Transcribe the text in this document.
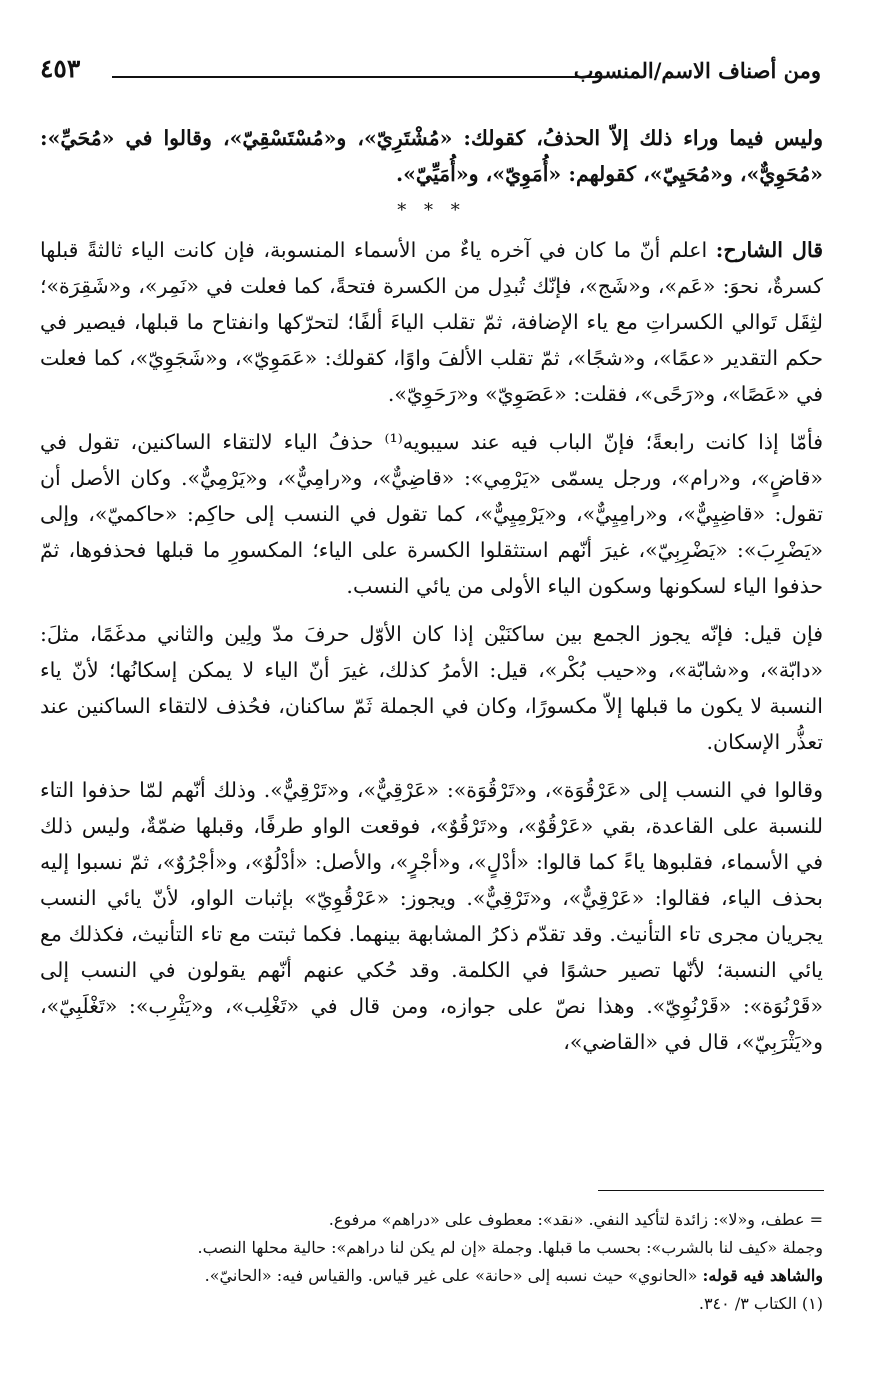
ومن أصناف الاسم/المنسوب
٤٥٣

وليس فيما وراء ذلك إلاّ الحذفُ، كقولك: «مُشْتَرِيّ»، و«مُسْتَسْقِيّ»، وقالوا في «مُحَيِّ»: «مُحَوِيٌّ»، و«مُحَيِيّ»، كقولهم: «أُمَوِيّ»، و«أُمَيِّيّ».

* * *

قال الشارح: اعلم أنّ ما كان في آخره ياءٌ من الأسماء المنسوبة، فإن كانت الياء ثالثةً قبلها كسرةٌ، نحوَ: «عَم»، و«شَج»، فإنّك تُبدِل من الكسرة فتحةً، كما فعلت في «نَمِر»، و«شَقِرَة»؛ لثِقَل تَوالي الكسراتِ مع ياء الإضافة، ثمّ تقلب الياءَ ألفًا؛ لتحرّكها وانفتاح ما قبلها، فيصير في حكم التقدير «عمًا»، و«شجًا»، ثمّ تقلب الألفَ واوًا، كقولك: «عَمَوِيّ»، و«شَجَوِيّ»، كما فعلت في «عَصًا»، و«رَحًى»، فقلت: «عَصَوِيّ» و«رَحَوِيّ».

فأمّا إذا كانت رابعةً؛ فإنّ الباب فيه عند سيبويه⁽¹⁾ حذفُ الياء لالتقاء الساكنين، تقول في «قاضٍ»، و«رام»، ورجل يسمّى «يَرْمِي»: «قاضِيٌّ»، و«رامِيٌّ»، و«يَرْمِيٌّ». وكان الأصل أن تقول: «قاضِيِيٌّ»، و«رامِيِيٌّ»، و«يَرْمِيِيٌّ»، كما تقول في النسب إلى حاكِم: «حاكميّ»، وإلى «يَضْرِبَ»: «يَضْرِبِيّ»، غيرَ أنّهم استثقلوا الكسرة على الياء؛ المكسورِ ما قبلها فحذفوها، ثمّ حذفوا الياء لسكونها وسكون الياء الأولى من يائي النسب.

فإن قيل: فإنّه يجوز الجمع بين ساكنَيْن إذا كان الأوّل حرفَ مدّ ولِين والثاني مدغَمًا، مثلَ: «دابّة»، و«شابّة»، و«حيب بُكْر»، قيل: الأمرُ كذلك، غيرَ أنّ الياء لا يمكن إسكانُها؛ لأنّ ياء النسبة لا يكون ما قبلها إلاّ مكسورًا، وكان في الجملة ثَمّ ساكنان، فحُذف لالتقاء الساكنين عند تعذُّر الإسكان.

وقالوا في النسب إلى «عَرْقُوَة»، و«تَرْقُوَة»: «عَرْقِيٌّ»، و«تَرْقِيٌّ». وذلك أنّهم لمّا حذفوا التاء للنسبة على القاعدة، بقي «عَرْقُوٌ»، و«تَرْقُوٌ»، فوقعت الواو طرفًا، وقبلها ضمّةٌ، وليس ذلك في الأسماء، فقلبوها ياءً كما قالوا: «أدْلٍ»، و«أجْرٍ»، والأصل: «أدْلُوٌ»، و«أجْرُوٌ»، ثمّ نسبوا إليه بحذف الياء، فقالوا: «عَرْقِيٌّ»، و«تَرْقِيٌّ». ويجوز: «عَرْقُوِيّ» بإثبات الواو، لأنّ يائي النسب يجريان مجرى تاء التأنيث. وقد تقدّم ذكرُ المشابهة بينهما. فكما ثبتت مع تاء التأنيث، فكذلك مع يائي النسبة؛ لأنّها تصير حشوًا في الكلمة. وقد حُكي عنهم أنّهم يقولون في النسب إلى «قَرْنُوَة»: «قَرْنُوِيّ». وهذا نصّ على جوازه، ومن قال في «تَغْلِب»، و«يَثْرِب»: «تَغْلَبِيّ»، و«يَثْرَبِيّ»، قال في «القاضي»،

= عطف، و«لا»: زائدة لتأكيد النفي. «نقد»: معطوف على «دراهم» مرفوع.

وجملة «كيف لنا بالشرب»: بحسب ما قبلها. وجملة «إن لم يكن لنا دراهم»: حالية محلها النصب.

والشاهد فيه قوله: «الحانوي» حيث نسبه إلى «حانة» على غير قياس. والقياس فيه: «الحانيّ».

(١) الكتاب ٣/ ٣٤٠.
